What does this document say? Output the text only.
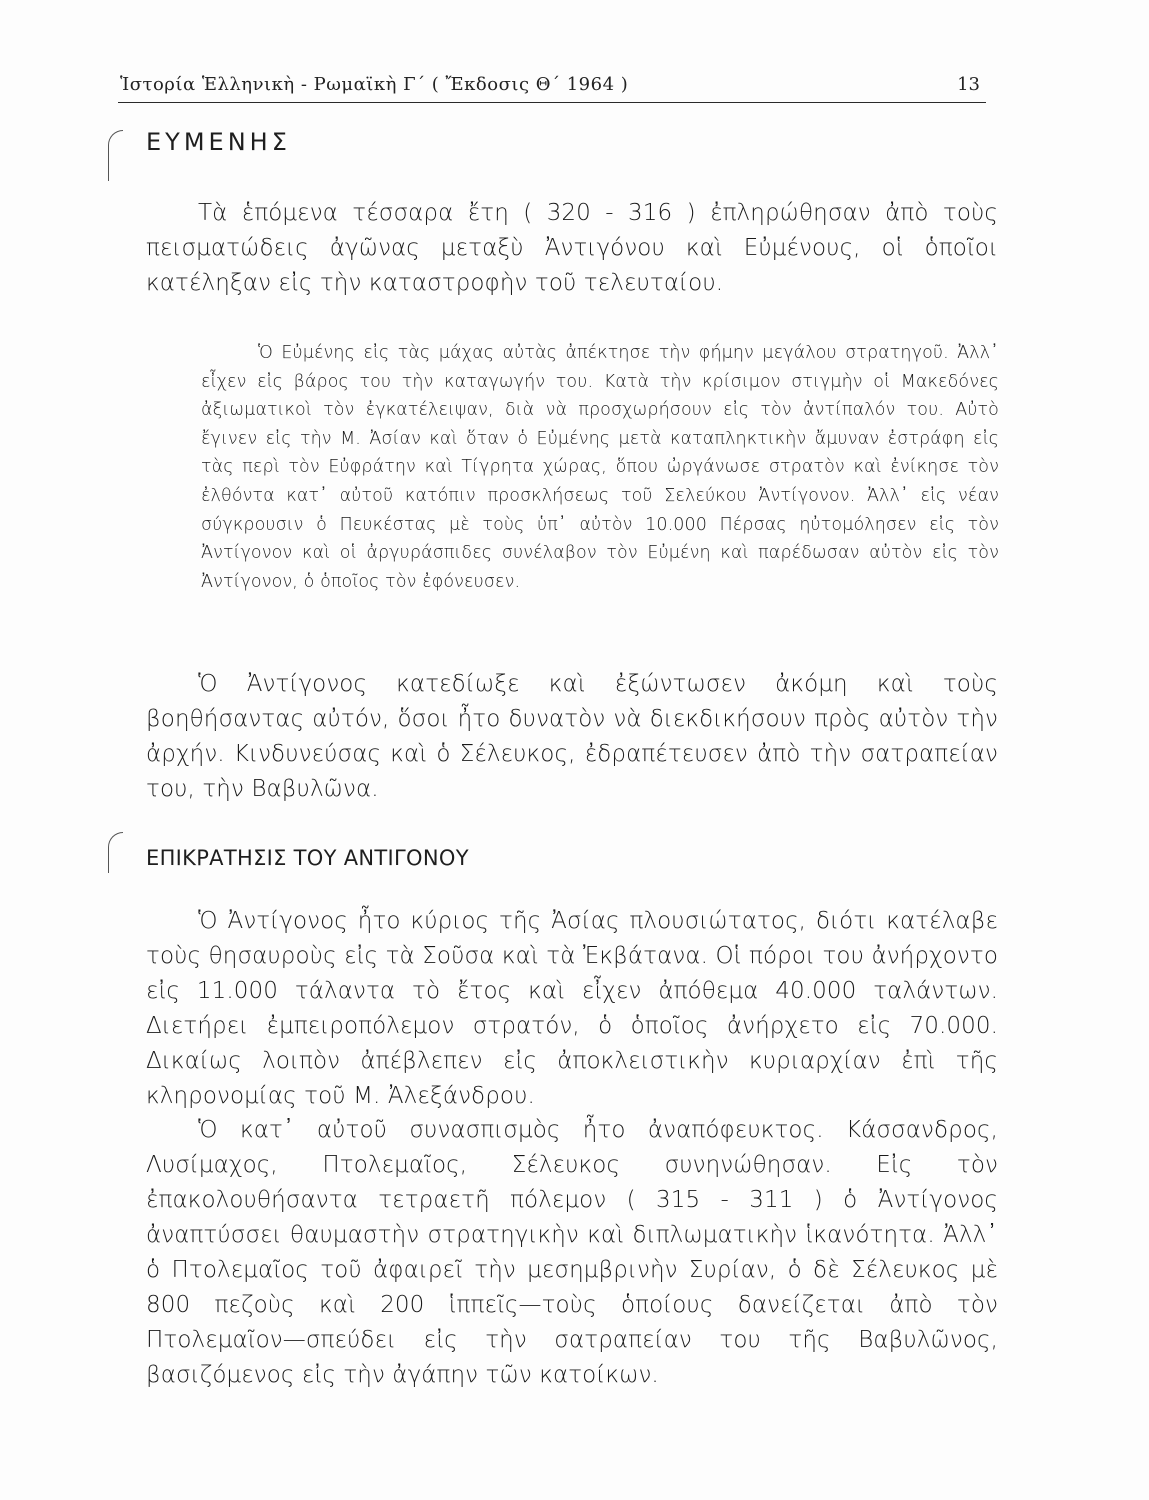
Ἱστορία Ἑλληνικὴ - Ρωμαϊκὴ Γ΄ ( Ἔκδοσις Θ΄ 1964 )	13
ΕΥΜΕΝΗΣ

Τὰ ἑπόμενα τέσσαρα ἔτη ( 320 - 316 ) ἐπληρώθησαν ἀπὸ τοὺς πεισματώδεις ἀγῶνας μεταξὺ Ἀντιγόνου καὶ Εὐμένους, οἱ ὁποῖοι κατέληξαν εἰς τὴν καταστροφὴν τοῦ τελευταίου.

Ὁ Εὐμένης εἰς τὰς μάχας αὐτὰς ἀπέκτησε τὴν φήμην μεγάλου στρατηγοῦ. Ἀλλ᾽ εἶχεν εἰς βάρος του τὴν καταγωγήν του. Κατὰ τὴν κρίσιμον στιγμὴν οἱ Μακεδόνες ἀξιωματικοὶ τὸν ἐγκατέλειψαν, διὰ νὰ προσχωρήσουν εἰς τὸν ἀντίπαλόν του. Αὐτὸ ἔγινεν εἰς τὴν Μ. Ἀσίαν καὶ ὅταν ὁ Εὐμένης μετὰ καταπληκτικὴν ἄμυναν ἐστράφη εἰς τὰς περὶ τὸν Εὐφράτην καὶ Τίγρητα χώρας, ὅπου ὠργάνωσε στρατὸν καὶ ἐνίκησε τὸν ἐλθόντα κατ᾽ αὐτοῦ κατόπιν προσκλήσεως τοῦ Σελεύκου Ἀντίγονον. Ἀλλ᾽ εἰς νέαν σύγκρουσιν ὁ Πευκέστας μὲ τοὺς ὑπ᾽ αὐτὸν 10.000 Πέρσας ηὐτομόλησεν εἰς τὸν Ἀντίγονον καὶ οἱ ἀργυράσπιδες συνέλαβον τὸν Εὐμένη καὶ παρέδωσαν αὐτὸν εἰς τὸν Ἀντίγονον, ὁ ὁποῖος τὸν ἐφόνευσεν.

Ὁ Ἀντίγονος κατεδίωξε καὶ ἐξώντωσεν ἀκόμη καὶ τοὺς βοηθήσαντας αὐτόν, ὅσοι ἦτο δυνατὸν νὰ διεκδικήσουν πρὸς αὐτὸν τὴν ἀρχήν. Κινδυνεύσας καὶ ὁ Σέλευκος, ἐδραπέτευσεν ἀπὸ τὴν σατραπείαν του, τὴν Βαβυλῶνα.

ΕΠΙΚΡΑΤΗΣΙΣ ΤΟΥ ΑΝΤΙΓΟΝΟΥ

Ὁ Ἀντίγονος ἦτο κύριος τῆς Ἀσίας πλουσιώτατος, διότι κατέλαβε τοὺς θησαυροὺς εἰς τὰ Σοῦσα καὶ τὰ Ἐκβάτανα. Οἱ πόροι του ἀνήρχοντο εἰς 11.000 τάλαντα τὸ ἔτος καὶ εἶχεν ἀπόθεμα 40.000 ταλάντων. Διετήρει ἐμπειροπόλεμον στρατόν, ὁ ὁποῖος ἀνήρχετο εἰς 70.000. Δικαίως λοιπὸν ἀπέβλεπεν εἰς ἀποκλειστικὴν κυριαρχίαν ἐπὶ τῆς κληρονομίας τοῦ Μ. Ἀλεξάνδρου.

Ὁ κατ᾽ αὐτοῦ συνασπισμὸς ἦτο ἀναπόφευκτος. Κάσσανδρος, Λυσίμαχος, Πτολεμαῖος, Σέλευκος συνηνώθησαν. Εἰς τὸν ἐπακολουθήσαντα τετραετῆ πόλεμον ( 315 - 311 ) ὁ Ἀντίγονος ἀναπτύσσει θαυμαστὴν στρατηγικὴν καὶ διπλωματικὴν ἱκανότητα. Ἀλλ᾽ ὁ Πτολεμαῖος τοῦ ἀφαιρεῖ τὴν μεσημβρινὴν Συρίαν, ὁ δὲ Σέλευκος μὲ 800 πεζοὺς καὶ 200 ἱππεῖς—τοὺς ὁποίους δανείζεται ἀπὸ τὸν Πτολεμαῖον—σπεύδει εἰς τὴν σατραπείαν του τῆς Βαβυλῶνος, βασιζόμενος εἰς τὴν ἀγάπην τῶν κατοίκων.
